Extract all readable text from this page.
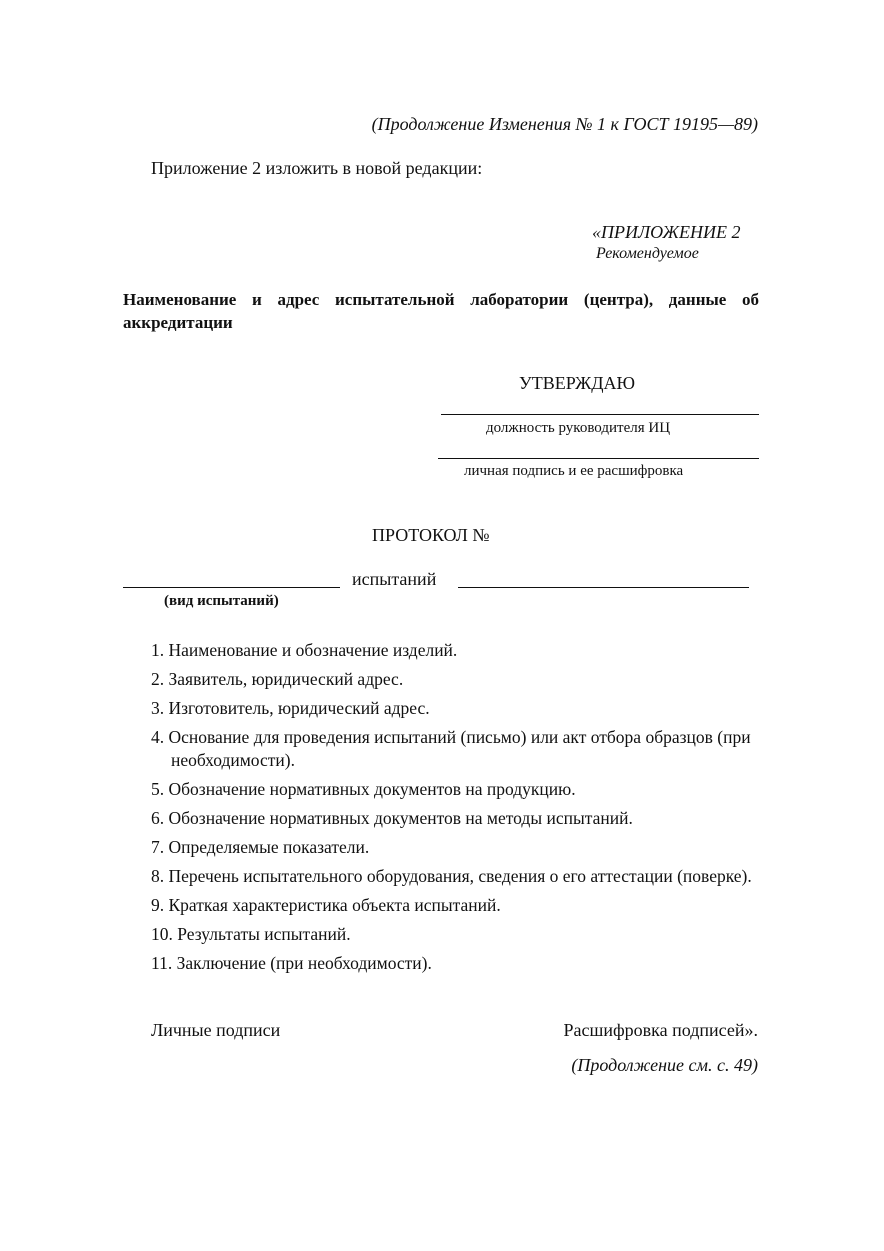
(Продолжение Изменения № 1 к ГОСТ 19195—89)
Приложение 2 изложить в новой редакции:
«ПРИЛОЖЕНИЕ 2
Рекомендуемое
Наименование и адрес испытательной лаборатории (центра), данные об аккредитации
УТВЕРЖДАЮ
должность руководителя ИЦ
личная подпись и ее расшифровка
ПРОТОКОЛ №
испытаний
(вид испытаний)
1. Наименование и обозначение изделий.
2. Заявитель, юридический адрес.
3. Изготовитель, юридический адрес.
4. Основание для проведения испытаний (письмо) или акт отбора образцов (при необходимости).
5. Обозначение нормативных документов на продукцию.
6. Обозначение нормативных документов на методы испытаний.
7. Определяемые показатели.
8. Перечень испытательного оборудования, сведения о его аттестации (поверке).
9. Краткая характеристика объекта испытаний.
10. Результаты испытаний.
11. Заключение (при необходимости).
Личные подписи	Расшифровка подписей».
(Продолжение см. с. 49)
